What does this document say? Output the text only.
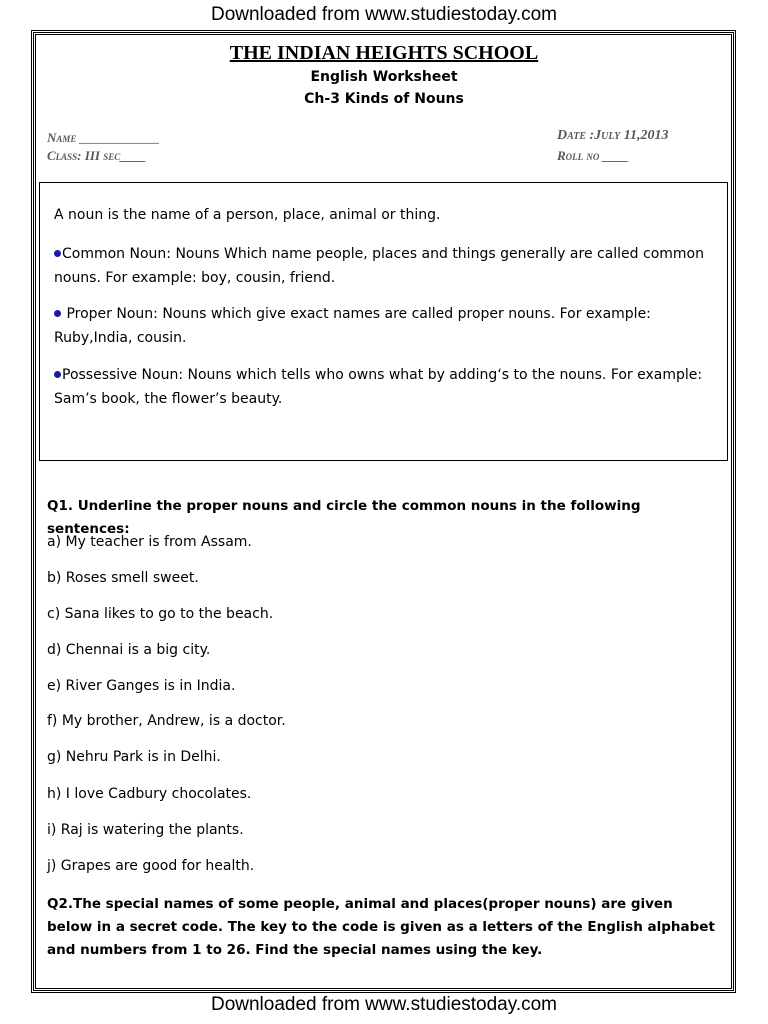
Downloaded from www.studiestoday.com
THE INDIAN HEIGHTS SCHOOL
English Worksheet
Ch-3 Kinds of Nouns
Name ________________
Class: III sec____
Date :July 11,2013
Roll no ____
A noun is the name of a person, place, animal or thing.
Common Noun: Nouns Which name people, places and things generally are called common nouns. For example: boy, cousin, friend.
Proper Noun: Nouns which give exact names are called proper nouns. For example: Ruby,India, cousin.
Possessive Noun: Nouns which tells who owns what by adding‘s to the nouns. For example: Sam’s book, the flower’s beauty.
Q1. Underline the proper nouns and circle the common nouns in the following sentences:
a) My teacher is from Assam.
b) Roses smell sweet.
c) Sana likes to go to the beach.
d) Chennai is a big city.
e) River Ganges is in India.
f) My brother, Andrew, is a doctor.
g) Nehru Park is in Delhi.
h) I love Cadbury chocolates.
i) Raj is watering the plants.
j) Grapes are good for health.
Q2.The special names of some people, animal and places(proper nouns) are given below in a secret code. The key to the code is given as a letters of the English alphabet and numbers from 1 to 26. Find the special names using the key.
Downloaded from www.studiestoday.com
